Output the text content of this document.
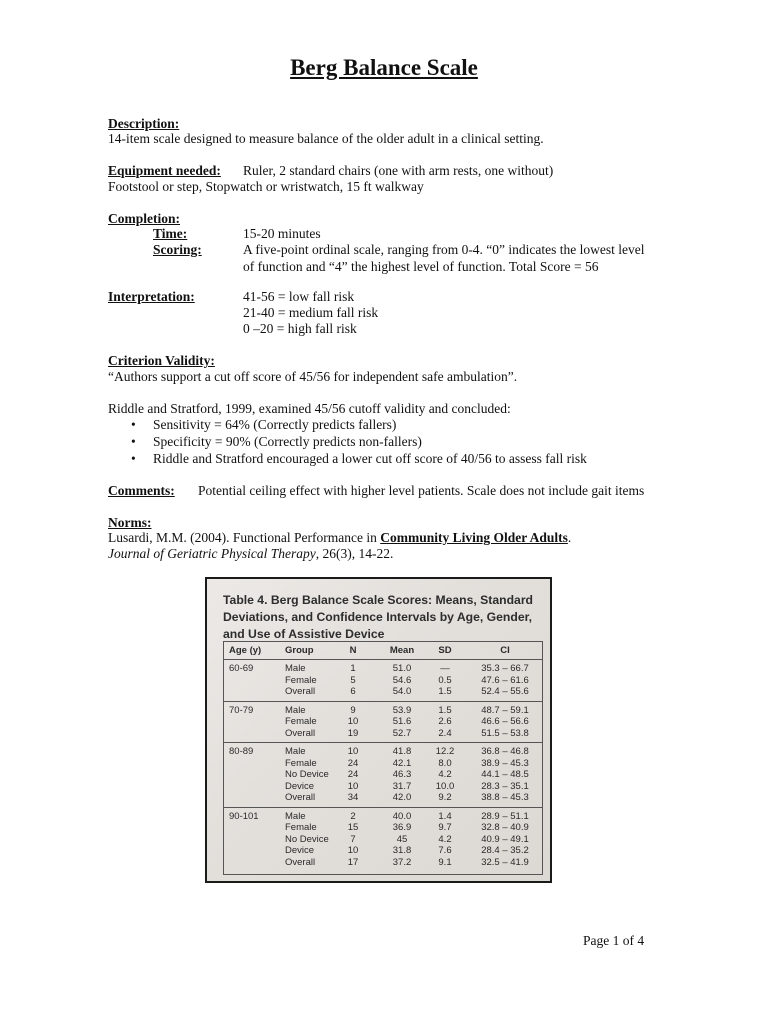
Berg Balance Scale
Description:
14-item scale designed to measure balance of the older adult in a clinical setting.
Equipment needed: Ruler, 2 standard chairs (one with arm rests, one without)
Footstool or step, Stopwatch or wristwatch, 15 ft walkway
Completion:
Time:	15-20 minutes
Scoring:	A five-point ordinal scale, ranging from 0-4. “0” indicates the lowest level
of function and “4” the highest level of function. Total Score = 56
Interpretation:	41-56 = low fall risk
21-40 = medium fall risk
0 –20 = high fall risk
Criterion Validity:
“Authors support a cut off score of 45/56 for independent safe ambulation”.
Riddle and Stratford, 1999, examined 45/56 cutoff validity and concluded:
• Sensitivity = 64% (Correctly predicts fallers)
• Specificity = 90% (Correctly predicts non-fallers)
• Riddle and Stratford encouraged a lower cut off score of 40/56 to assess fall risk
Comments: Potential ceiling effect with higher level patients. Scale does not include gait items
Norms:
Lusardi, M.M. (2004). Functional Performance in Community Living Older Adults.
Journal of Geriatric Physical Therapy, 26(3), 14-22.
Table 4. Berg Balance Scale Scores: Means, Standard
Deviations, and Confidence Intervals by Age, Gender,
and Use of Assistive Device
Age (y)	Group	N	Mean	SD	CI
60-69	Male	1	51.0	—	35.3 – 66.7
Female	5	54.6	0.5	47.6 – 61.6
Overall	6	54.0	1.5	52.4 – 55.6
70-79	Male	9	53.9	1.5	48.7 – 59.1
Female	10	51.6	2.6	46.6 – 56.6
Overall	19	52.7	2.4	51.5 – 53.8
80-89	Male	10	41.8	12.2	36.8 – 46.8
Female	24	42.1	8.0	38.9 – 45.3
No Device	24	46.3	4.2	44.1 – 48.5
Device	10	31.7	10.0	28.3 – 35.1
Overall	34	42.0	9.2	38.8 – 45.3
90-101	Male	2	40.0	1.4	28.9 – 51.1
Female	15	36.9	9.7	32.8 – 40.9
No Device	7	45	4.2	40.9 – 49.1
Device	10	31.8	7.6	28.4 – 35.2
Overall	17	37.2	9.1	32.5 – 41.9
Page 1 of 4
